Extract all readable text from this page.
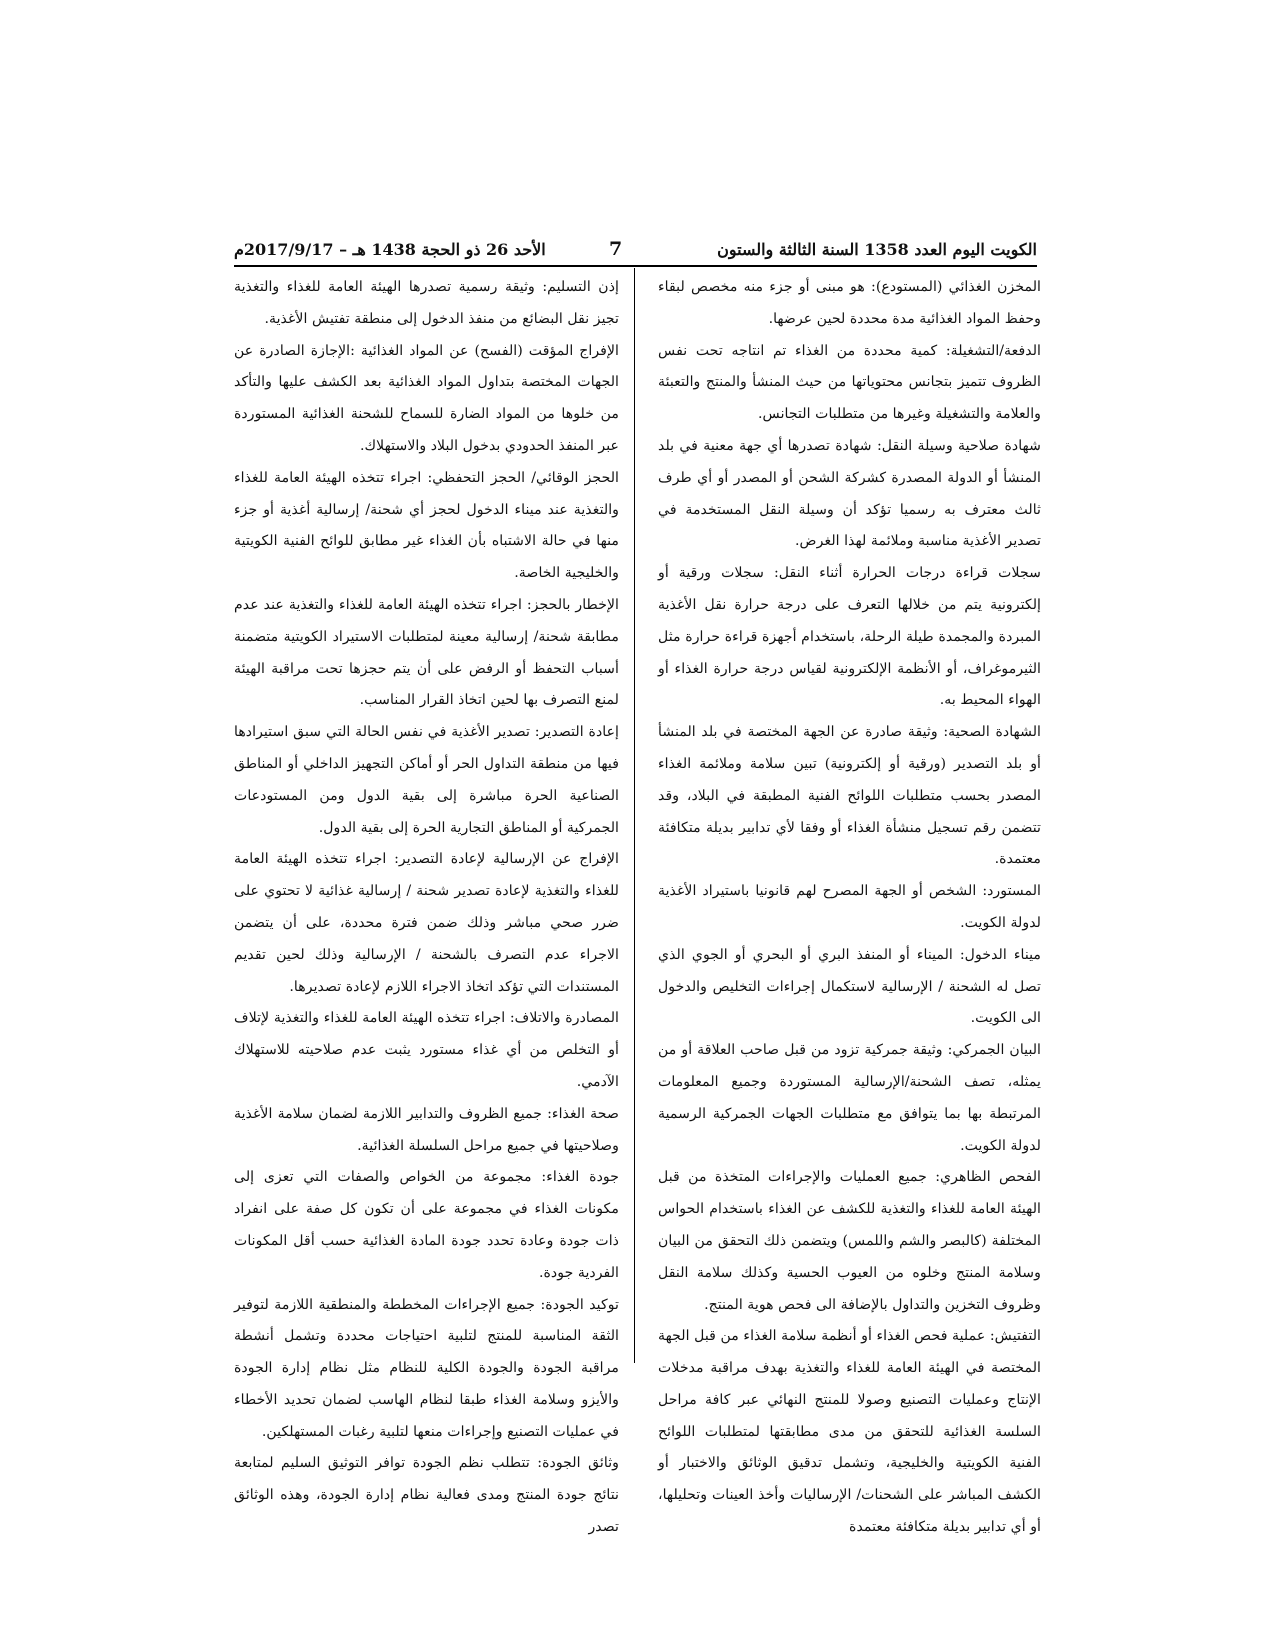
الكويت اليوم العدد 1358 السنة الثالثة والستون
7
الأحد 26 ذو الحجة 1438 هـ – 2017/9/17م

المخزن الغذائي (المستودع): هو مبنى أو جزء منه مخصص لبقاء وحفظ المواد الغذائية مدة محددة لحين عرضها.

الدفعة/التشغيلة: كمية محددة من الغذاء تم انتاجه تحت نفس الظروف تتميز بتجانس محتوياتها من حيث المنشأ والمنتج والتعبئة والعلامة والتشغيلة وغيرها من متطلبات التجانس.

شهادة صلاحية وسيلة النقل: شهادة تصدرها أي جهة معنية في بلد المنشأ أو الدولة المصدرة كشركة الشحن أو المصدر أو أي طرف ثالث معترف به رسميا تؤكد أن وسيلة النقل المستخدمة في تصدير الأغذية مناسبة وملائمة لهذا الغرض.

سجلات قراءة درجات الحرارة أثناء النقل: سجلات ورقية أو إلكترونية يتم من خلالها التعرف على درجة حرارة نقل الأغذية المبردة والمجمدة طيلة الرحلة، باستخدام أجهزة قراءة حرارة مثل الثيرموغراف، أو الأنظمة الإلكترونية لقياس درجة حرارة الغذاء أو الهواء المحيط به.

الشهادة الصحية: وثيقة صادرة عن الجهة المختصة في بلد المنشأ أو بلد التصدير (ورقية أو إلكترونية) تبين سلامة وملائمة الغذاء المصدر بحسب متطلبات اللوائح الفنية المطبقة في البلاد، وقد تتضمن رقم تسجيل منشأة الغذاء أو وفقا لأي تدابير بديلة متكافئة معتمدة.

المستورد: الشخص أو الجهة المصرح لهم قانونيا باستيراد الأغذية لدولة الكويت.

ميناء الدخول: الميناء أو المنفذ البري أو البحري أو الجوي الذي تصل له الشحنة / الإرسالية لاستكمال إجراءات التخليص والدخول الى الكويت.

البيان الجمركي: وثيقة جمركية تزود من قبل صاحب العلاقة أو من يمثله، تصف الشحنة/الإرسالية المستوردة وجميع المعلومات المرتبطة بها بما يتوافق مع متطلبات الجهات الجمركية الرسمية لدولة الكويت.

الفحص الظاهري: جميع العمليات والإجراءات المتخذة من قبل الهيئة العامة للغذاء والتغذية للكشف عن الغذاء باستخدام الحواس المختلفة (كالبصر والشم واللمس) ويتضمن ذلك التحقق من البيان وسلامة المنتج وخلوه من العيوب الحسية وكذلك سلامة النقل وظروف التخزين والتداول بالإضافة الى فحص هوية المنتج.

التفتيش: عملية فحص الغذاء أو أنظمة سلامة الغذاء من قبل الجهة المختصة في الهيئة العامة للغذاء والتغذية بهدف مراقبة مدخلات الإنتاج وعمليات التصنيع وصولا للمنتج النهائي عبر كافة مراحل السلسة الغذائية للتحقق من مدى مطابقتها لمتطلبات اللوائح الفنية الكويتية والخليجية، وتشمل تدقيق الوثائق والاختبار أو الكشف المباشر على الشحنات/ الإرساليات وأخذ العينات وتحليلها، أو أي تدابير بديلة متكافئة معتمدة

إذن التسليم: وثيقة رسمية تصدرها الهيئة العامة للغذاء والتغذية تجيز نقل البضائع من منفذ الدخول إلى منطقة تفتيش الأغذية.

الإفراج المؤقت (الفسح) عن المواد الغذائية :الإجازة الصادرة عن الجهات المختصة بتداول المواد الغذائية بعد الكشف عليها والتأكد من خلوها من المواد الضارة للسماح للشحنة الغذائية المستوردة عبر المنفذ الحدودي بدخول البلاد والاستهلاك.

الحجز الوقائي/ الحجز التحفظي: اجراء تتخذه الهيئة العامة للغذاء والتغذية عند ميناء الدخول لحجز أي شحنة/ إرسالية أغذية أو جزء منها في حالة الاشتباه بأن الغذاء غير مطابق للوائح الفنية الكويتية والخليجية الخاصة.

الإخطار بالحجز: اجراء تتخذه الهيئة العامة للغذاء والتغذية عند عدم مطابقة شحنة/ إرسالية معينة لمتطلبات الاستيراد الكويتية متضمنة أسباب التحفظ أو الرفض على أن يتم حجزها تحت مراقبة الهيئة لمنع التصرف بها لحين اتخاذ القرار المناسب.

إعادة التصدير: تصدير الأغذية في نفس الحالة التي سبق استيرادها فيها من منطقة التداول الحر أو أماكن التجهيز الداخلي أو المناطق الصناعية الحرة مباشرة إلى بقية الدول ومن المستودعات الجمركية أو المناطق التجارية الحرة إلى بقية الدول.

الإفراج عن الإرسالية لإعادة التصدير: اجراء تتخذه الهيئة العامة للغذاء والتغذية لإعادة تصدير شحنة / إرسالية غذائية لا تحتوي على ضرر صحي مباشر وذلك ضمن فترة محددة، على أن يتضمن الاجراء عدم التصرف بالشحنة / الإرسالية وذلك لحين تقديم المستندات التي تؤكد اتخاذ الاجراء اللازم لإعادة تصديرها.

المصادرة والاتلاف: اجراء تتخذه الهيئة العامة للغذاء والتغذية لإتلاف أو التخلص من أي غذاء مستورد يثبت عدم صلاحيته للاستهلاك الآدمي.

صحة الغذاء: جميع الظروف والتدابير اللازمة لضمان سلامة الأغذية وصلاحيتها في جميع مراحل السلسلة الغذائية.

جودة الغذاء: مجموعة من الخواص والصفات التي تعزى إلى مكونات الغذاء في مجموعة على أن تكون كل صفة على انفراد ذات جودة وعادة تحدد جودة المادة الغذائية حسب أقل المكونات الفردية جودة.

توكيد الجودة: جميع الإجراءات المخططة والمنطقية اللازمة لتوفير الثقة المناسبة للمنتج لتلبية احتياجات محددة وتشمل أنشطة مراقبة الجودة والجودة الكلية للنظام مثل نظام إدارة الجودة والأيزو وسلامة الغذاء طبقا لنظام الهاسب لضمان تحديد الأخطاء في عمليات التصنيع وإجراءات منعها لتلبية رغبات المستهلكين.

وثائق الجودة: تتطلب نظم الجودة توافر التوثيق السليم لمتابعة نتائج جودة المنتج ومدى فعالية نظام إدارة الجودة، وهذه الوثائق تصدر
